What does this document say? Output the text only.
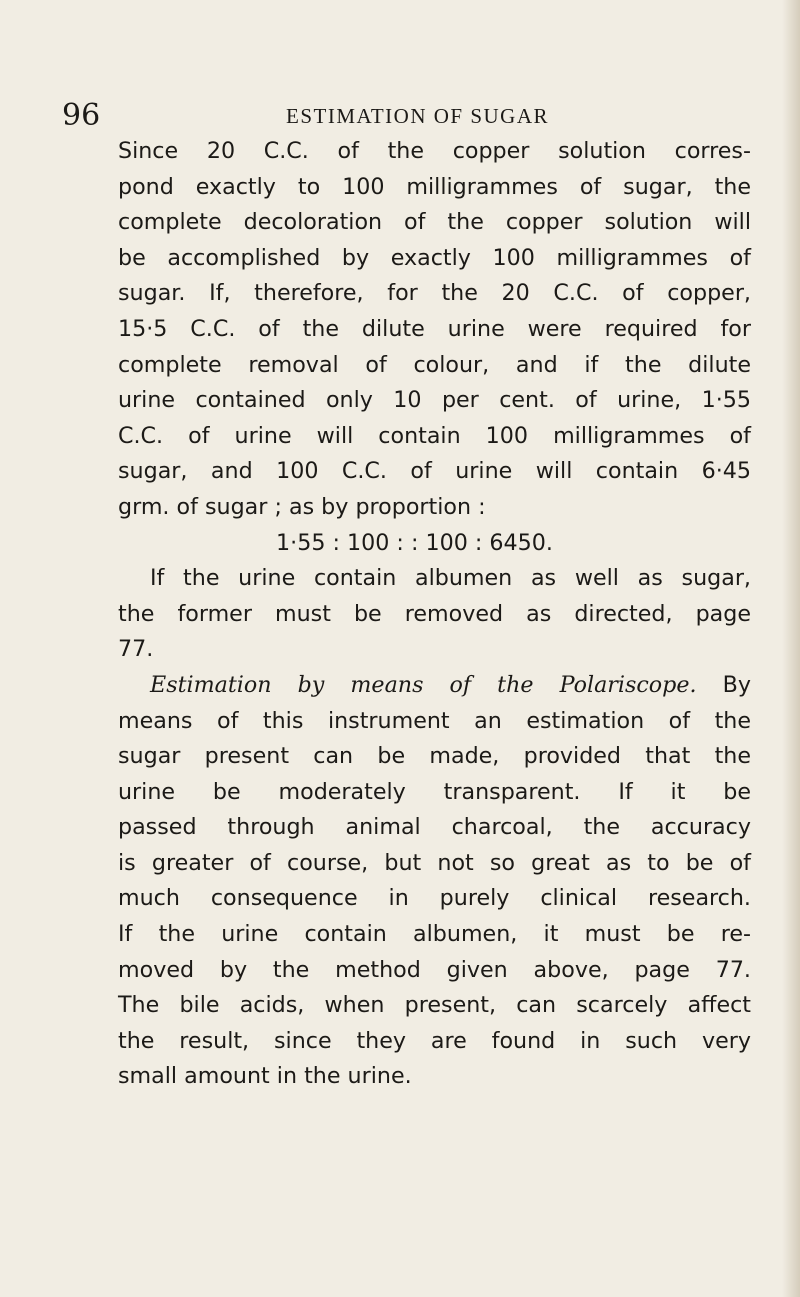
96	ESTIMATION OF SUGAR
Since 20 C.C. of the copper solution corres-
pond exactly to 100 milligrammes of sugar, the
complete decoloration of the copper solution will
be accomplished by exactly 100 milligrammes of
sugar. If, therefore, for the 20 C.C. of copper,
15·5 C.C. of the dilute urine were required for
complete removal of colour, and if the dilute
urine contained only 10 per cent. of urine, 1·55
C.C. of urine will contain 100 milligrammes of
sugar, and 100 C.C. of urine will contain 6·45
grm. of sugar ; as by proportion :
1·55 : 100 : : 100 : 6450.
If the urine contain albumen as well as sugar,
the former must be removed as directed, page
77.
Estimation by means of the Polariscope. By
means of this instrument an estimation of the
sugar present can be made, provided that the
urine be moderately transparent. If it be
passed through animal charcoal, the accuracy
is greater of course, but not so great as to be of
much consequence in purely clinical research.
If the urine contain albumen, it must be re-
moved by the method given above, page 77.
The bile acids, when present, can scarcely affect
the result, since they are found in such very
small amount in the urine.
